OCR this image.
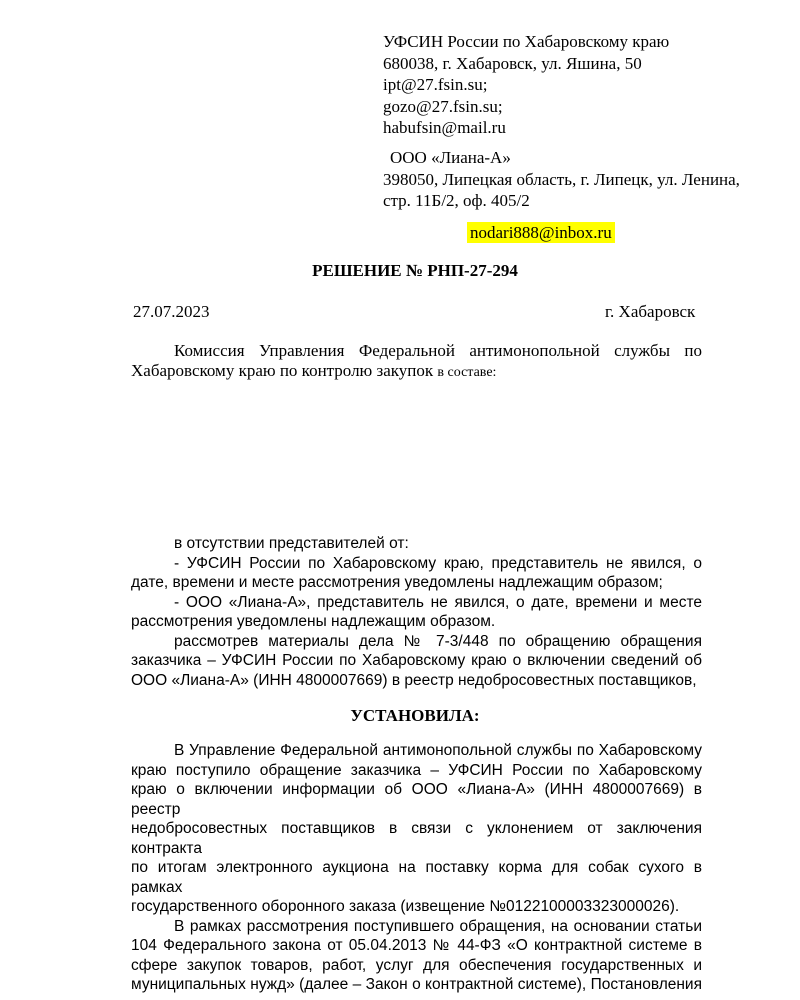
УФСИН России по Хабаровскому краю
680038, г. Хабаровск, ул. Яшина, 50
ipt@27.fsin.su;
gozo@27.fsin.su;
habufsin@mail.ru
ООО «Лиана-А»
398050, Липецкая область, г. Липецк, ул. Ленина,
стр. 11Б/2, оф. 405/2
nodari888@inbox.ru
РЕШЕНИЕ № РНП-27-294
27.07.2023	г. Хабаровск
Комиссия Управления Федеральной антимонопольной службы по
Хабаровскому краю по контролю закупок в составе:
в отсутствии представителей от:
- УФСИН России по Хабаровскому краю, представитель не явился, о
дате, времени и месте рассмотрения уведомлены надлежащим образом;
- ООО «Лиана-А», представитель не явился, о дате, времени и месте
рассмотрения уведомлены надлежащим образом.
рассмотрев материалы дела № 7-3/448 по обращению обращения
заказчика – УФСИН России по Хабаровскому краю о включении сведений об
ООО «Лиана-А» (ИНН 4800007669) в реестр недобросовестных поставщиков,
УСТАНОВИЛА:
В Управление Федеральной антимонопольной службы по Хабаровскому
краю поступило обращение заказчика – УФСИН России по Хабаровскому
краю о включении информации об ООО «Лиана-А» (ИНН 4800007669) в реестр
недобросовестных поставщиков в связи с уклонением от заключения контракта
по итогам электронного аукциона на поставку корма для собак сухого в рамках
государственного оборонного заказа (извещение №0122100003323000026).
В рамках рассмотрения поступившего обращения, на основании статьи
104 Федерального закона от 05.04.2013 № 44-ФЗ «О контрактной системе в
сфере закупок товаров, работ, услуг для обеспечения государственных и
муниципальных нужд» (далее – Закон о контрактной системе), Постановления
